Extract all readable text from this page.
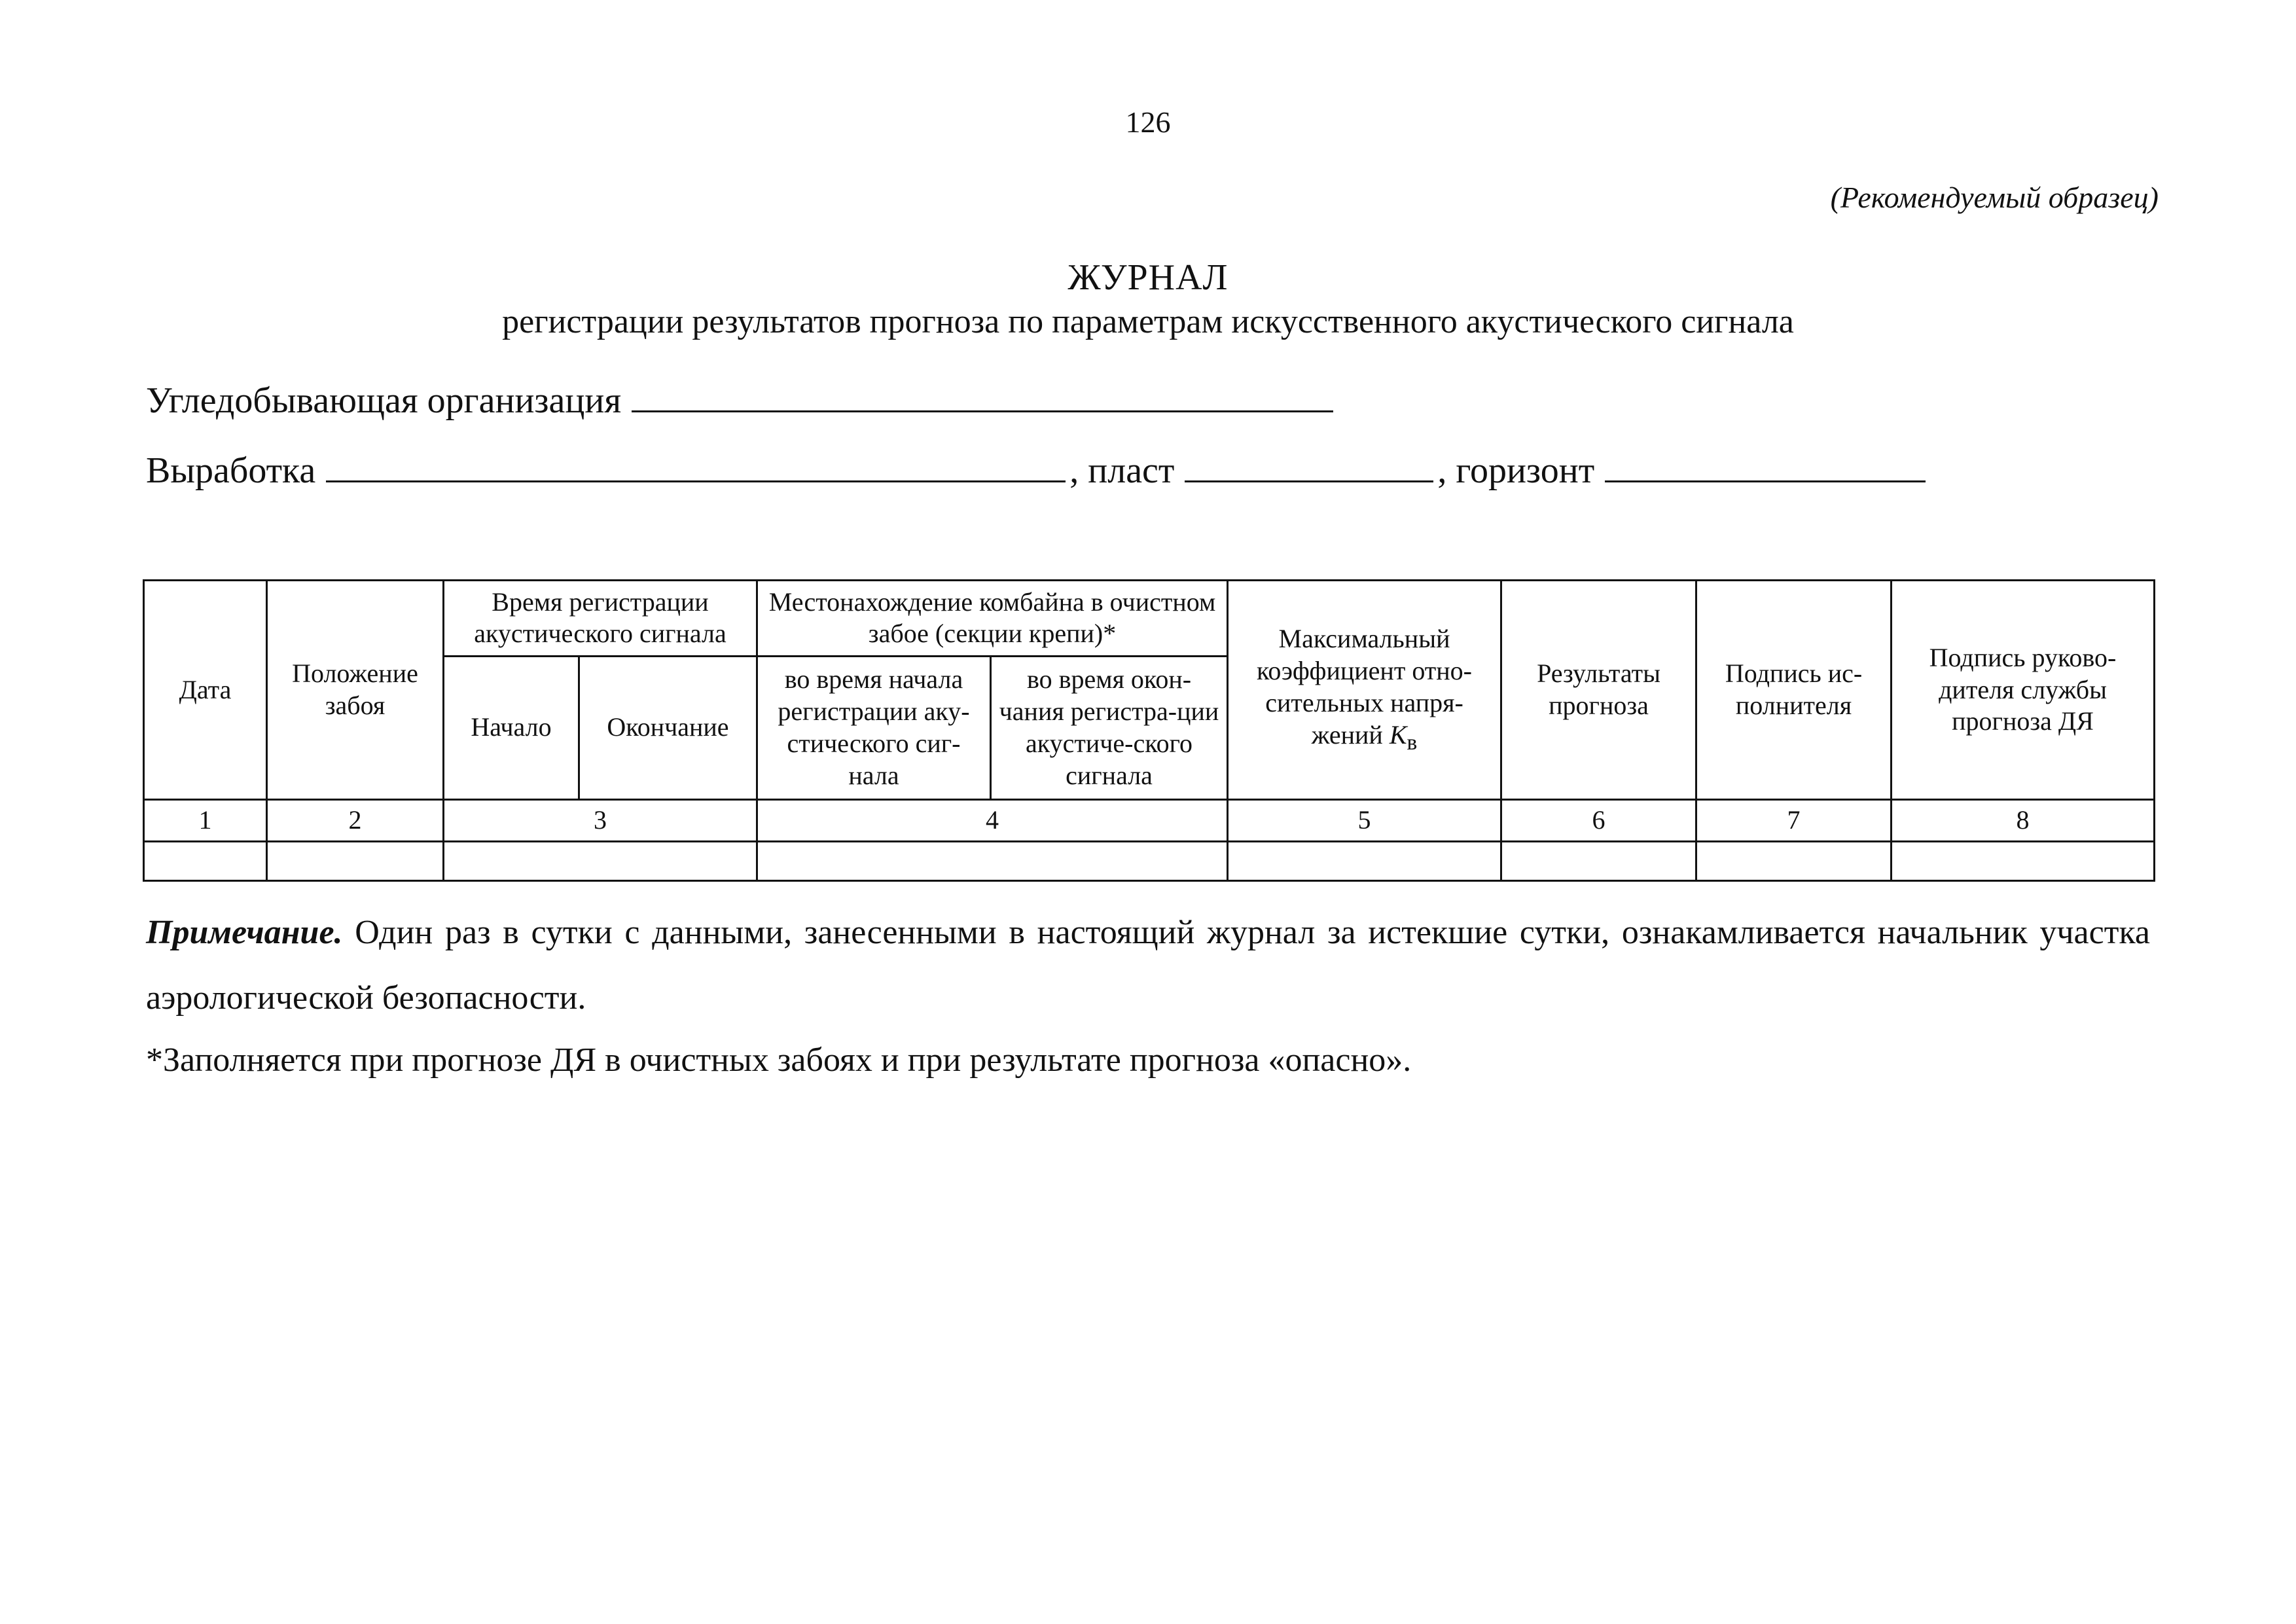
126
(Рекомендуемый образец)
ЖУРНАЛ
регистрации результатов прогноза по параметрам искусственного акустического сигнала
Угледобывающая организация
Выработка	, пласт	, горизонт
Дата	Положение забоя	Время регистрации акустического сигнала		Местонахождение комбайна в очистном забое (секции крепи)*		Максимальный коэффициент отно-сительных напря-жений $K_в$	Результаты прогноза	Подпись ис-полнителя	Подпись руково-дителя службы прогноза ДЯ
		Начало	Окончание	во время начала регистрации аку-стического сиг-нала	во время окон-чания регистра-ции акустиче-ского сигнала				
1	2	3		4		5	6	7	8

Примечание. Один раз в сутки с данными, занесенными в настоящий журнал за истекшие сутки, ознакамливается начальник участка аэрологической безопасности.
*Заполняется при прогнозе ДЯ в очистных забоях и при результате прогноза «опасно».
